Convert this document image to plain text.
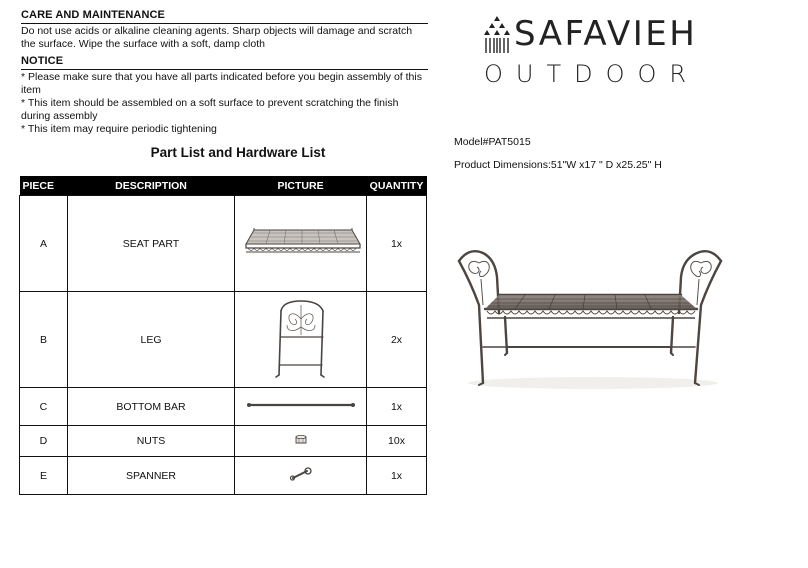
CARE AND MAINTENANCE
Do not use acids or alkaline cleaning agents. Sharp objects will damage and scratch
the surface. Wipe the surface with a soft, damp cloth
NOTICE
* Please make sure that you have all parts indicated before you begin assembly of this
item
* This item should be assembled on a soft surface to prevent scratching the finish
during assembly
* This item may require periodic tightening
Part List and Hardware List
PIECE	DESCRIPTION	PICTURE	QUANTITY
A	SEAT PART		1x
B	LEG		2x
C	BOTTOM BAR		1x
D	NUTS		10x
E	SPANNER		1x
SAFAVIEH
OUTDOOR
Model#PAT5015
Product Dimensions:51"W x17 " D x25.25" H
